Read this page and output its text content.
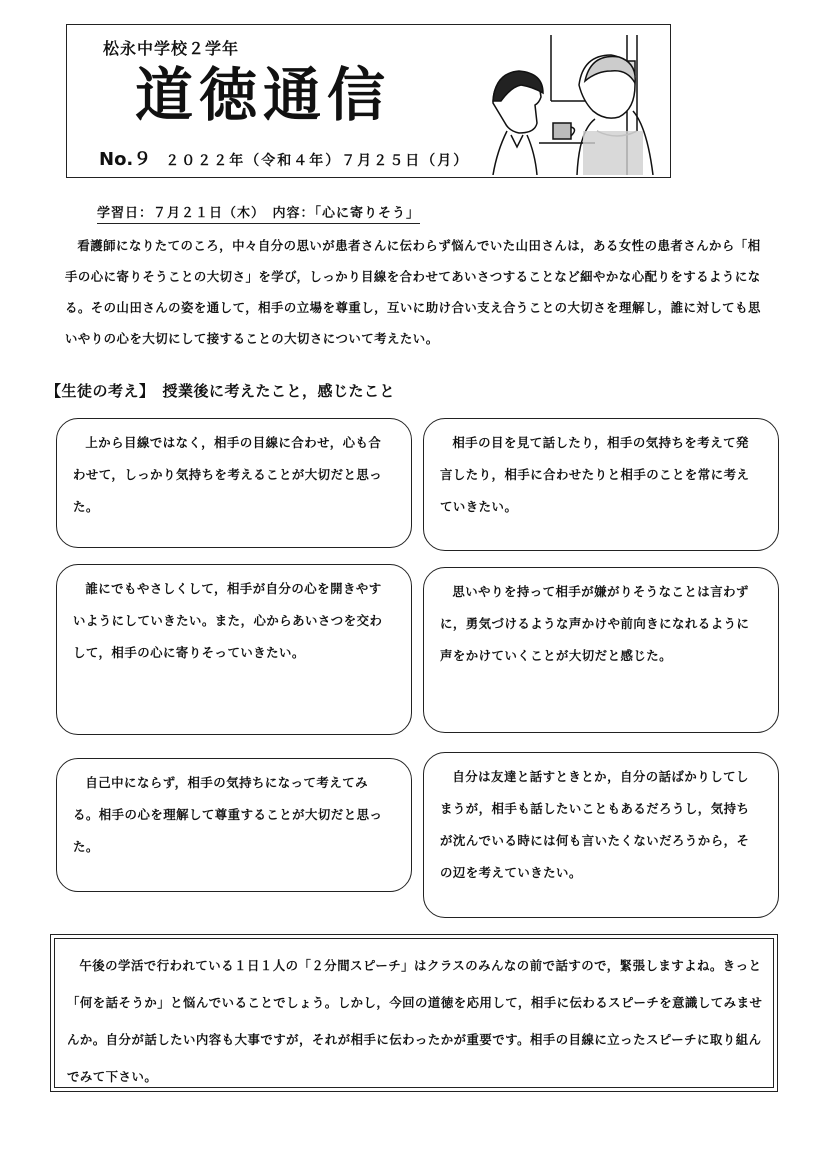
松永中学校２学年
道徳通信
No.９ ２０２２年（令和４年）７月２５日（月）
学習日：７月２１日（木）　内容：「心に寄りそう」
看護師になりたてのころ，中々自分の思いが患者さんに伝わらず悩んでいた山田さんは，ある女性の患者さんから「相手の心に寄りそうことの大切さ」を学び，しっかり目線を合わせてあいさつすることなど細やかな心配りをするようになる。その山田さんの姿を通して，相手の立場を尊重し，互いに助け合い支え合うことの大切さを理解し，誰に対しても思いやりの心を大切にして接することの大切さについて考えたい。
【生徒の考え】　授業後に考えたこと，感じたこと
上から目線ではなく，相手の目線に合わせ，心も合わせて，しっかり気持ちを考えることが大切だと思った。
相手の目を見て話したり，相手の気持ちを考えて発言したり，相手に合わせたりと相手のことを常に考えていきたい。
誰にでもやさしくして，相手が自分の心を開きやすいようにしていきたい。また，心からあいさつを交わして，相手の心に寄りそっていきたい。
思いやりを持って相手が嫌がりそうなことは言わずに，勇気づけるような声かけや前向きになれるように声をかけていくことが大切だと感じた。
自己中にならず，相手の気持ちになって考えてみる。相手の心を理解して尊重することが大切だと思った。
自分は友達と話すときとか，自分の話ばかりしてしまうが，相手も話したいこともあるだろうし，気持ちが沈んでいる時には何も言いたくないだろうから，その辺を考えていきたい。
午後の学活で行われている１日１人の「２分間スピーチ」はクラスのみんなの前で話すので，緊張しますよね。きっと「何を話そうか」と悩んでいることでしょう。しかし，今回の道徳を応用して，相手に伝わるスピーチを意識してみませんか。自分が話したい内容も大事ですが，それが相手に伝わったかが重要です。相手の目線に立ったスピーチに取り組んでみて下さい。
